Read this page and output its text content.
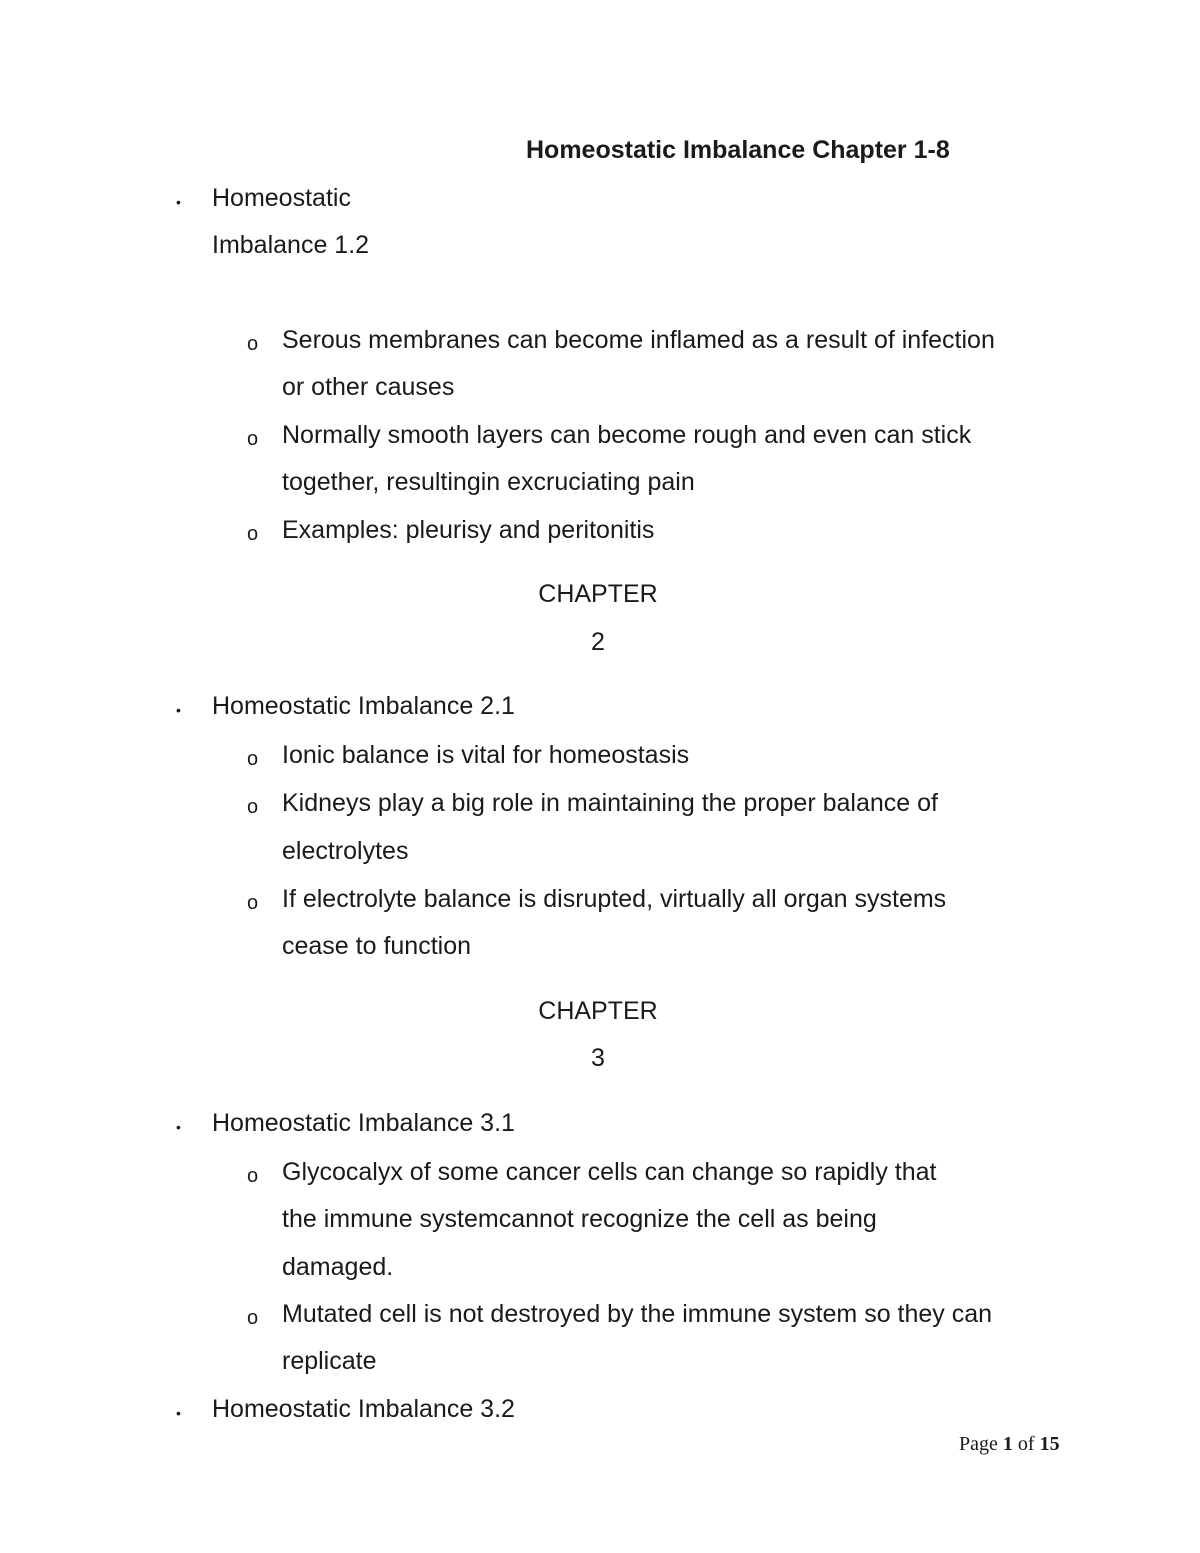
Homeostatic Imbalance Chapter 1-8
• Homeostatic
Imbalance 1.2
o Serous membranes can become inflamed as a result of infection
or other causes
o Normally smooth layers can become rough and even can stick
together, resultingin excruciating pain
o Examples: pleurisy and peritonitis
CHAPTER
2
• Homeostatic Imbalance 2.1
o Ionic balance is vital for homeostasis
o Kidneys play a big role in maintaining the proper balance of
electrolytes
o If electrolyte balance is disrupted, virtually all organ systems
cease to function
CHAPTER
3
• Homeostatic Imbalance 3.1
o Glycocalyx of some cancer cells can change so rapidly that
the immune systemcannot recognize the cell as being
damaged.
o Mutated cell is not destroyed by the immune system so they can
replicate
• Homeostatic Imbalance 3.2
Page 1 of 15
